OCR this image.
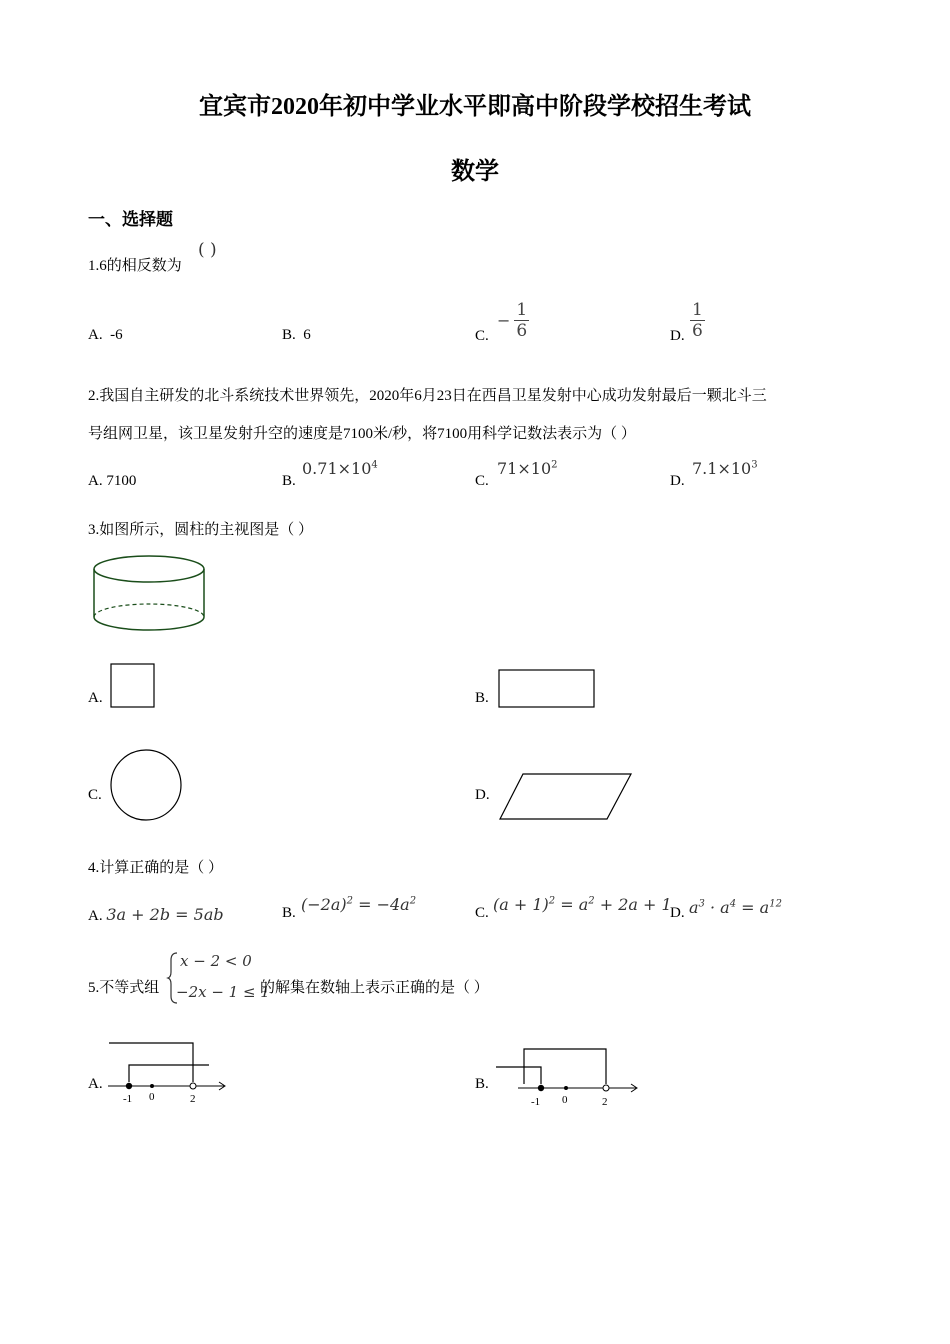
宜宾市2020年初中学业水平即高中阶段学校招生考试
数学
一、选择题
1.6的相反数为
( )
A. -6	B. 6	C.
− $\frac{1}{6}$	D. $\frac{1}{6}$
2.我国自主研发的北斗系统技术世界领先，2020年6月23日在西昌卫星发射中心成功发射最后一颗北斗三
号组网卫星，该卫星发射升空的速度是7100米/秒，将7100用科学记数法表示为（ ）
A. 7100	B.
$0.71\times 10^4$
C.
$71\times 10^2$
D.
$7.1\times 10^3$
3.如图所示，圆柱的主视图是（ ）
A.	B.
C.	D.
4.计算正确的是（ ）
A. 3a + 2b = 5ab	B. $(-2a)^2 = -4a^2$
C. $(a + 1)^2 = a^2 + 2a + 1$
D. $a^3 \cdot a^4 = a^{12}$
5.不等式组
x − 2 < 0
−2x − 1 ≤ 1
的解集在数轴上表示正确的是（ ）
A.
-1 0	2
B.
-1 0	2
